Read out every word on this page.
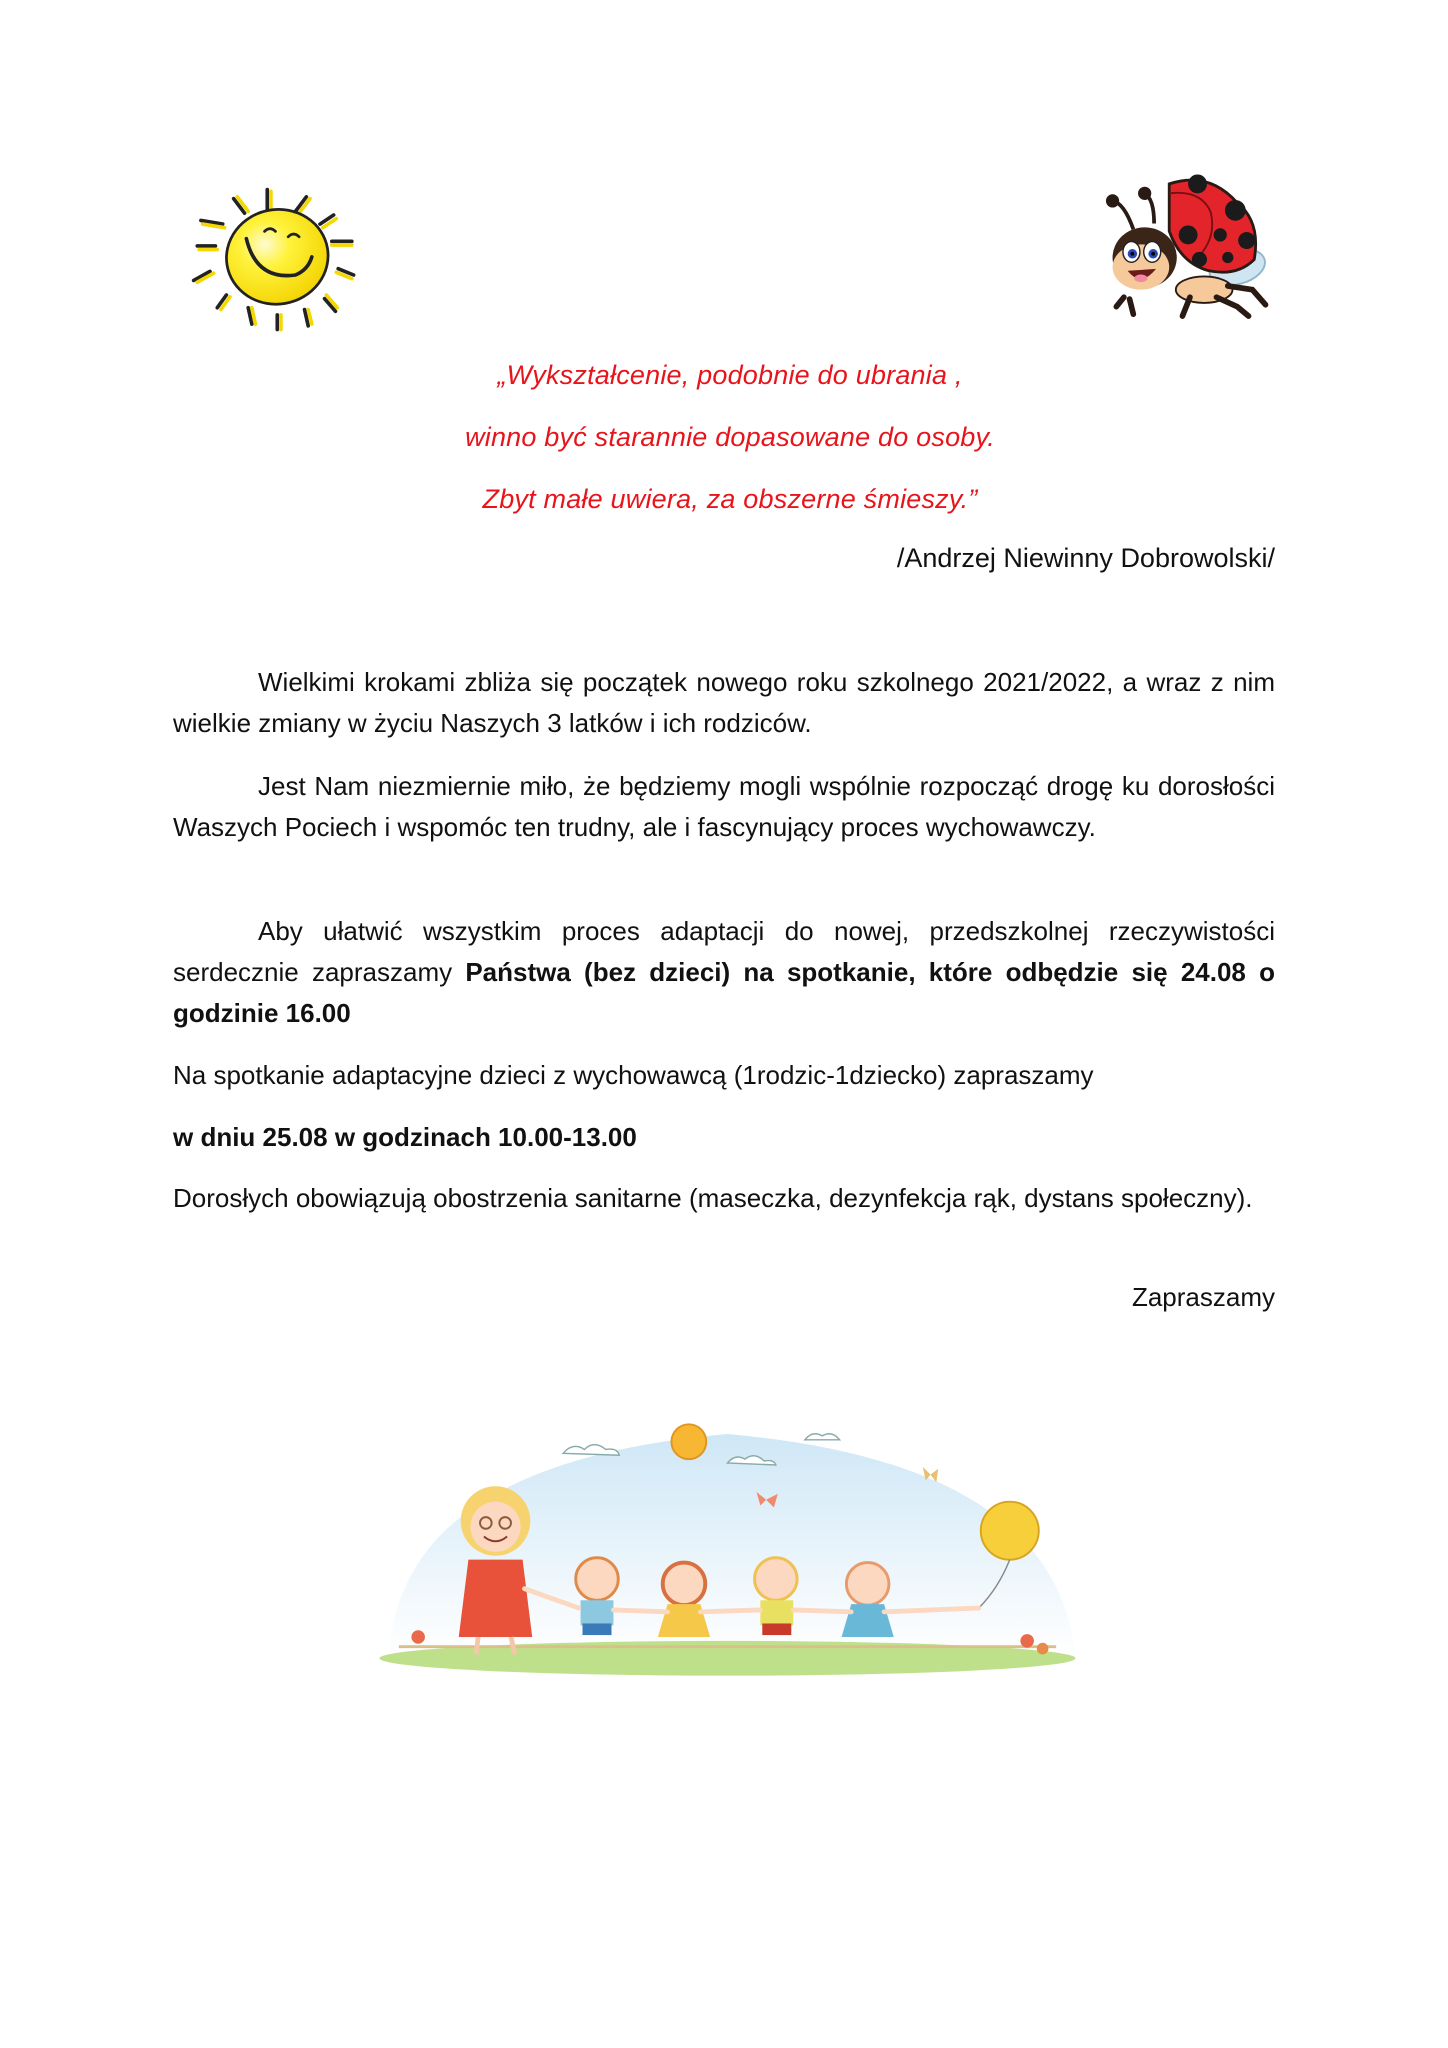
„Wykształcenie, podobnie do ubrania ,
winno być starannie dopasowane do osoby.
Zbyt małe uwiera, za obszerne śmieszy.”
/Andrzej Niewinny Dobrowolski/

Wielkimi krokami zbliża się początek nowego roku szkolnego 2021/2022, a wraz z nim wielkie zmiany w życiu Naszych 3 latków i ich rodziców.

Jest Nam niezmiernie miło, że będziemy mogli wspólnie rozpocząć drogę ku dorosłości Waszych Pociech i wspomóc ten trudny, ale i fascynujący proces wychowawczy.

Aby ułatwić wszystkim proces adaptacji do nowej, przedszkolnej rzeczywistości serdecznie zapraszamy Państwa (bez dzieci) na spotkanie, które odbędzie się 24.08 o godzinie 16.00

Na spotkanie adaptacyjne dzieci z wychowawcą (1rodzic-1dziecko) zapraszamy

w dniu 25.08 w godzinach 10.00-13.00

Dorosłych obowiązują obostrzenia sanitarne (maseczka, dezynfekcja rąk, dystans społeczny).

Zapraszamy
